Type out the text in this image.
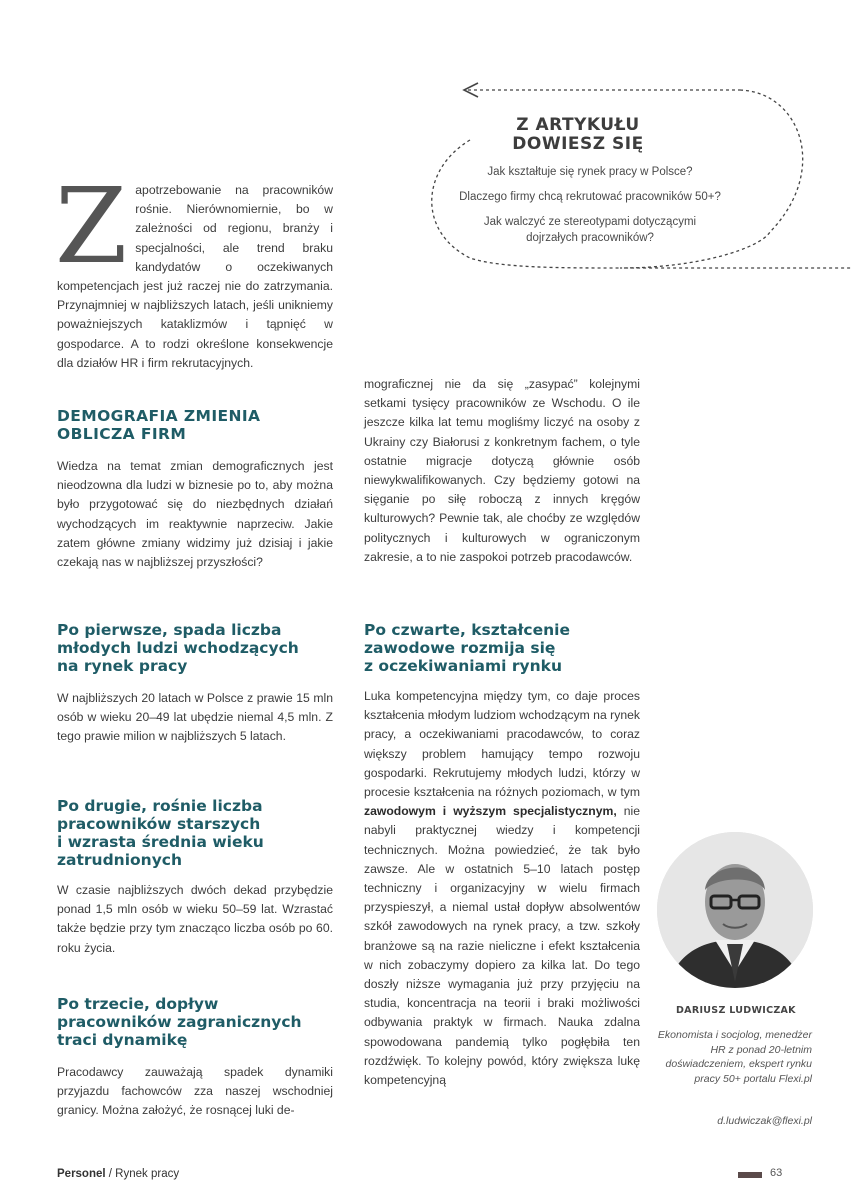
Z ARTYKUŁU
DOWIESZ SIĘ
Jak kształtuje się rynek pracy w Polsce?
Dlaczego firmy chcą rekrutować pracowników 50+?
Jak walczyć ze stereotypami dotyczącymi
dojrzałych pracowników?

Zapotrzebowanie na pracowników rośnie. Nierównomiernie, bo w zależności od regionu, branży i specjalności, ale trend braku kandydatów o oczekiwanych kompetencjach jest już raczej nie do zatrzymania. Przynajmniej w najbliższych latach, jeśli unikniemy poważniejszych kataklizmów i tąpnięć w gospodarce. A to rodzi określone konsekwencje dla działów HR i firm rekrutacyjnych.

DEMOGRAFIA ZMIENIA
OBLICZA FIRM

Wiedza na temat zmian demograficznych jest nieodzowna dla ludzi w biznesie po to, aby można było przygotować się do niezbędnych działań wychodzących im reaktywnie naprzeciw. Jakie zatem główne zmiany widzimy już dzisiaj i jakie czekają nas w najbliższej przyszłości?

Po pierwsze, spada liczba
młodych ludzi wchodzących
na rynek pracy

W najbliższych 20 latach w Polsce z prawie 15 mln osób w wieku 20–49 lat ubędzie niemal 4,5 mln. Z tego prawie milion w najbliższych 5 latach.

Po drugie, rośnie liczba
pracowników starszych
i wzrasta średnia wieku
zatrudnionych

W czasie najbliższych dwóch dekad przybędzie ponad 1,5 mln osób w wieku 50–59 lat. Wzrastać także będzie przy tym znacząco liczba osób po 60. roku życia.

Po trzecie, dopływ
pracowników zagranicznych
traci dynamikę

Pracodawcy zauważają spadek dynamiki przyjazdu fachowców zza naszej wschodniej granicy. Można założyć, że rosnącej luki de-

mograficznej nie da się „zasypać” kolejnymi setkami tysięcy pracowników ze Wschodu. O ile jeszcze kilka lat temu mogliśmy liczyć na osoby z Ukrainy czy Białorusi z konkretnym fachem, o tyle ostatnie migracje dotyczą głównie osób niewykwalifikowanych. Czy będziemy gotowi na sięganie po siłę roboczą z innych kręgów kulturowych? Pewnie tak, ale choćby ze względów politycznych i kulturowych w ograniczonym zakresie, a to nie zaspokoi potrzeb pracodawców.

Po czwarte, kształcenie
zawodowe rozmija się
z oczekiwaniami rynku

Luka kompetencyjna między tym, co daje proces kształcenia młodym ludziom wchodzącym na rynek pracy, a oczekiwaniami pracodawców, to coraz większy problem hamujący tempo rozwoju gospodarki. Rekrutujemy młodych ludzi, którzy w procesie kształcenia na różnych poziomach, w tym zawodowym i wyższym specjalistycznym, nie nabyli praktycznej wiedzy i kompetencji technicznych. Można powiedzieć, że tak było zawsze. Ale w ostatnich 5–10 latach postęp techniczny i organizacyjny w wielu firmach przyspieszył, a niemal ustał dopływ absolwentów szkół zawodowych na rynek pracy, a tzw. szkoły branżowe są na razie nieliczne i efekt kształcenia w nich zobaczymy dopiero za kilka lat. Do tego doszły niższe wymagania już przy przyjęciu na studia, koncentracja na teorii i braki możliwości odbywania praktyk w firmach. Nauka zdalna spowodowana pandemią tylko pogłębiła ten rozdźwięk. To kolejny powód, który zwiększa lukę kompetencyjną

DARIUSZ LUDWICZAK
Ekonomista i socjolog, menedżer HR z ponad 20-letnim doświadczeniem, ekspert rynku pracy 50+ portalu Flexi.pl
d.ludwiczak@flexi.pl
Personel / Rynek pracy	63
